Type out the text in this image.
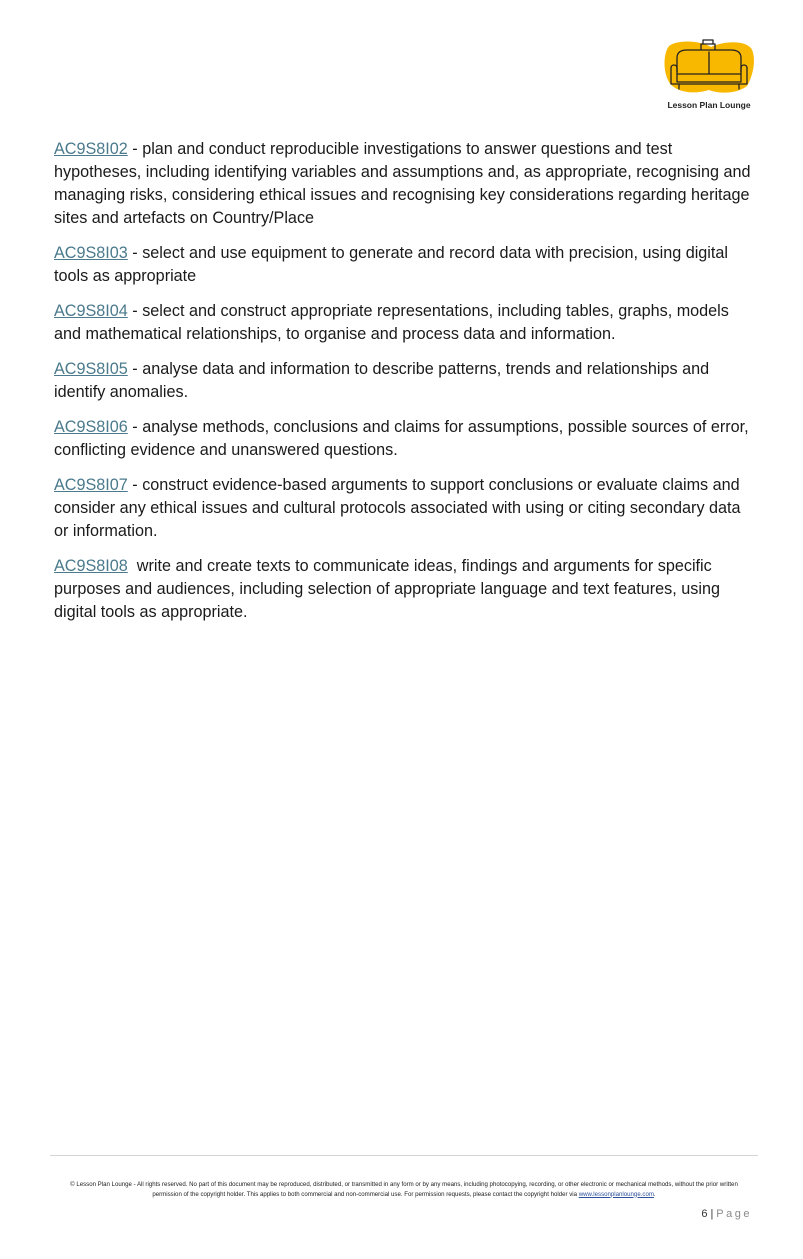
Lesson Plan Lounge

AC9S8I02 - plan and conduct reproducible investigations to answer questions and test hypotheses, including identifying variables and assumptions and, as appropriate, recognising and managing risks, considering ethical issues and recognising key considerations regarding heritage sites and artefacts on Country/Place

AC9S8I03 - select and use equipment to generate and record data with precision, using digital tools as appropriate

AC9S8I04 - select and construct appropriate representations, including tables, graphs, models and mathematical relationships, to organise and process data and information.

AC9S8I05 - analyse data and information to describe patterns, trends and relationships and identify anomalies.

AC9S8I06 - analyse methods, conclusions and claims for assumptions, possible sources of error, conflicting evidence and unanswered questions.

AC9S8I07 - construct evidence-based arguments to support conclusions or evaluate claims and consider any ethical issues and cultural protocols associated with using or citing secondary data or information.

AC9S8I08 write and create texts to communicate ideas, findings and arguments for specific purposes and audiences, including selection of appropriate language and text features, using digital tools as appropriate.

© Lesson Plan Lounge - All rights reserved. No part of this document may be reproduced, distributed, or transmitted in any form or by any means, including photocopying, recording, or other electronic or mechanical methods, without the prior written permission of the copyright holder. This applies to both commercial and non-commercial use. For permission requests, please contact the copyright holder via www.lessonplanlounge.com.
6 | Page
